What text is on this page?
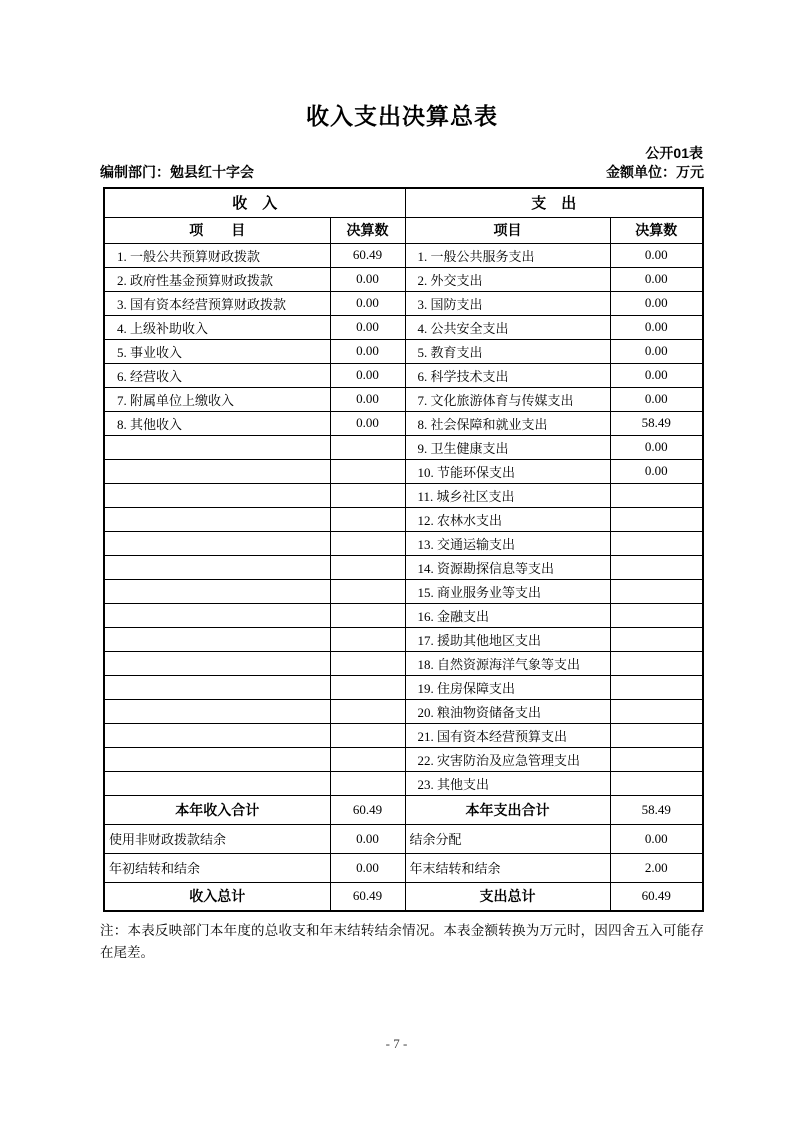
收入支出决算总表
公开01表
编制部门：勉县红十字会	金额单位：万元
收　入		支　出	
项　　目	决算数	项目	决算数
1. 一般公共预算财政拨款	60.49	1. 一般公共服务支出	0.00
2. 政府性基金预算财政拨款	0.00	2. 外交支出	0.00
3. 国有资本经营预算财政拨款	0.00	3. 国防支出	0.00
4. 上级补助收入	0.00	4. 公共安全支出	0.00
5. 事业收入	0.00	5. 教育支出	0.00
6. 经营收入	0.00	6. 科学技术支出	0.00
7. 附属单位上缴收入	0.00	7. 文化旅游体育与传媒支出	0.00
8. 其他收入	0.00	8. 社会保障和就业支出	58.49
		9. 卫生健康支出	0.00
		10. 节能环保支出	0.00
		11. 城乡社区支出	
		12. 农林水支出	
		13. 交通运输支出	
		14. 资源勘探信息等支出	
		15. 商业服务业等支出	
		16. 金融支出	
		17. 援助其他地区支出	
		18. 自然资源海洋气象等支出	
		19. 住房保障支出	
		20. 粮油物资储备支出	
		21. 国有资本经营预算支出	
		22. 灾害防治及应急管理支出	
		23. 其他支出	
本年收入合计	60.49	本年支出合计	58.49
使用非财政拨款结余	0.00	结余分配	0.00
年初结转和结余	0.00	年末结转和结余	2.00
收入总计	60.49	支出总计	60.49
注：本表反映部门本年度的总收支和年末结转结余情况。本表金额转换为万元时，因四舍五入可能存在尾差。
- 7 -
